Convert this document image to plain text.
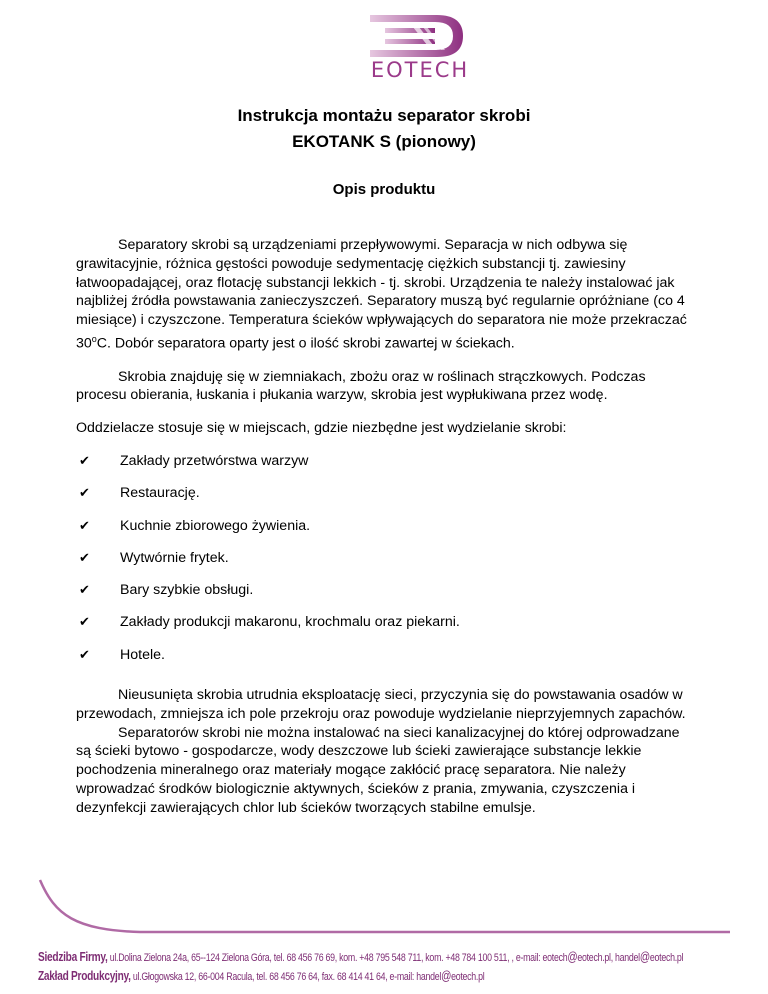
EOTECH
Instrukcja montażu separator skrobi
EKOTANK S (pionowy)
Opis produktu

Separatory skrobi są urządzeniami przepływowymi. Separacja w nich odbywa się grawitacyjnie, różnica gęstości powoduje sedymentację ciężkich substancji tj. zawiesiny łatwoopadającej, oraz flotację substancji lekkich - tj. skrobi. Urządzenia te należy instalować jak najbliżej źródła powstawania zanieczyszczeń. Separatory muszą być regularnie opróżniane (co 4 miesiące) i czyszczone. Temperatura ścieków wpływających do separatora nie może przekraczać 30$^o$C. Dobór separatora oparty jest o ilość skrobi zawartej w ściekach.

Skrobia znajduję się w ziemniakach, zbożu oraz w roślinach strączkowych. Podczas procesu obierania, łuskania i płukania warzyw, skrobia jest wypłukiwana przez wodę.

Oddzielacze stosuje się w miejscach, gdzie niezbędne jest wydzielanie skrobi:

✔ Zakłady przetwórstwa warzyw
✔ Restaurację.
✔ Kuchnie zbiorowego żywienia.
✔ Wytwórnie frytek.
✔ Bary szybkie obsługi.
✔ Zakłady produkcji makaronu, krochmalu oraz piekarni.
✔ Hotele.

Nieusunięta skrobia utrudnia eksploatację sieci, przyczynia się do powstawania osadów w przewodach, zmniejsza ich pole przekroju oraz powoduje wydzielanie nieprzyjemnych zapachów.

Separatorów skrobi nie można instalować na sieci kanalizacyjnej do której odprowadzane są ścieki bytowo - gospodarcze, wody deszczowe lub ścieki zawierające substancje lekkie pochodzenia mineralnego oraz materiały mogące zakłócić pracę separatora. Nie należy wprowadzać środków biologicznie aktywnych, ścieków z prania, zmywania, czyszczenia i dezynfekcji zawierających chlor lub ścieków tworzących stabilne emulsje.

Siedziba Firmy, ul.Dolina Zielona 24a, 65--124 Zielona Góra, tel. 68 456 76 69, kom. +48 795 548 711, kom. +48 784 100 511, , e-mail: eotech@eotech.pl, handel@eotech.pl
Zakład Produkcyjny, ul.Głogowska 12, 66-004 Racula, tel. 68 456 76 64, fax. 68 414 41 64, e-mail: handel@eotech.pl
